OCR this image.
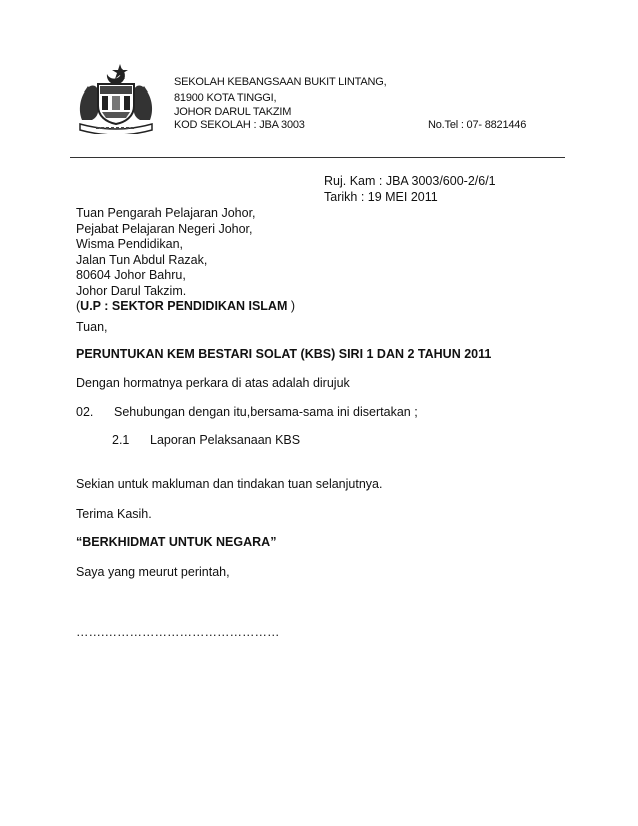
SEKOLAH KEBANGSAAN BUKIT LINTANG,
81900 KOTA TINGGI,
JOHOR DARUL TAKZIM
KOD SEKOLAH : JBA 3003	No.Tel : 07- 8821446
Ruj. Kam : JBA 3003/600-2/6/1
Tarikh : 19 MEI 2011
Tuan Pengarah Pelajaran Johor,
Pejabat Pelajaran Negeri Johor,
Wisma Pendidikan,
Jalan Tun Abdul Razak,
80604 Johor Bahru,
Johor Darul Takzim.
(U.P : SEKTOR PENDIDIKAN ISLAM )
Tuan,
PERUNTUKAN KEM BESTARI SOLAT (KBS) SIRI 1 DAN 2 TAHUN 2011
Dengan hormatnya perkara di atas adalah dirujuk
02. Sehubungan dengan itu,bersama-sama ini disertakan ;
2.1 Laporan Pelaksanaan KBS
Sekian untuk makluman dan tindakan tuan selanjutnya.
Terima Kasih.
“BERKHIDMAT UNTUK NEGARA”
Saya yang meurut perintah,
…….……………………………………
